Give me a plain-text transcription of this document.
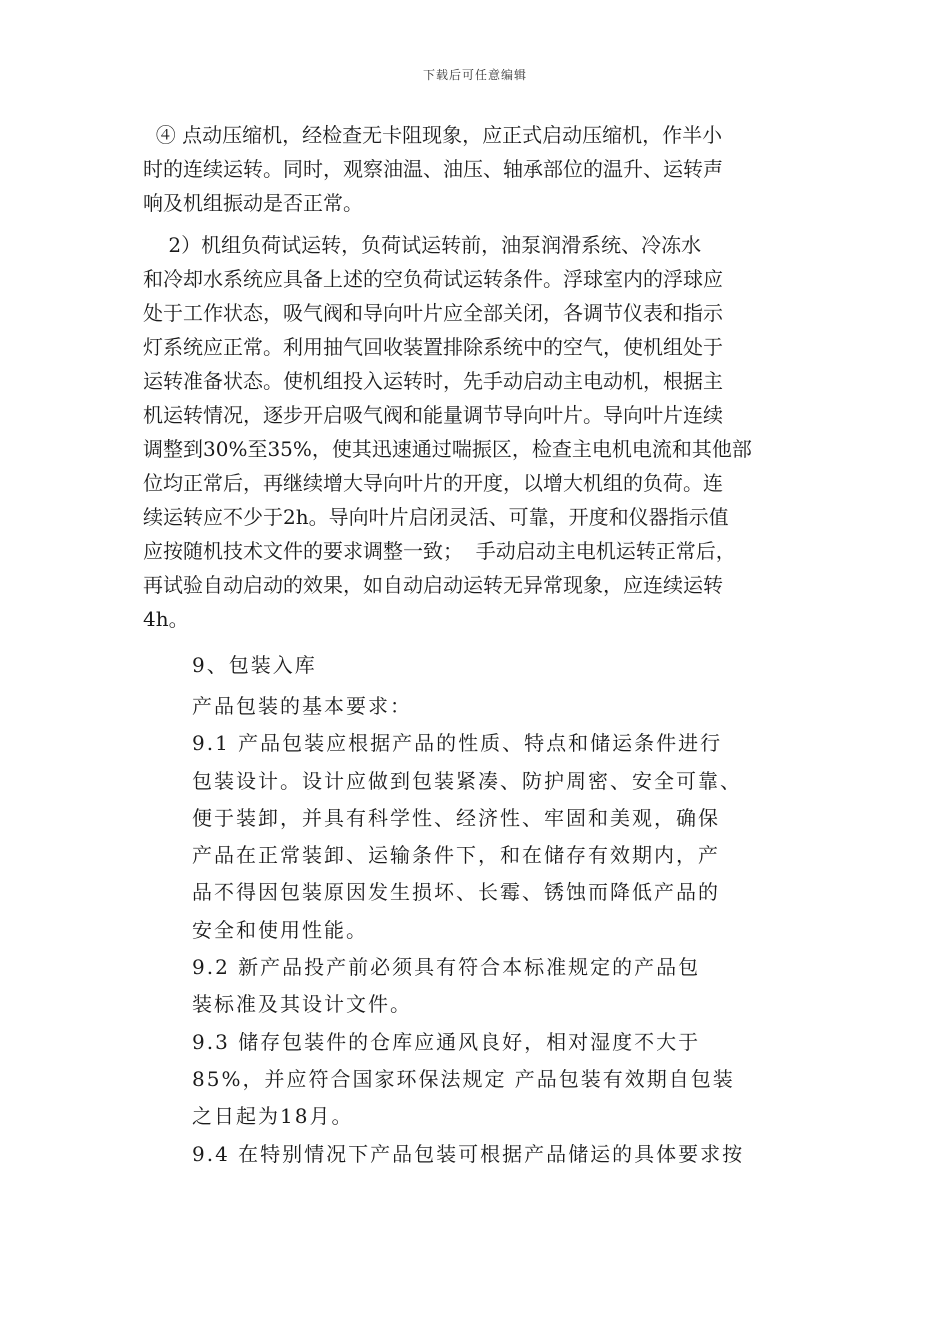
下载后可任意编辑
④ 点动压缩机，经检查无卡阻现象，应正式启动压缩机，作半小
时的连续运转。同时，观察油温、油压、轴承部位的温升、运转声
响及机组振动是否正常。
2）机组负荷试运转，负荷试运转前，油泵润滑系统、冷冻水
和冷却水系统应具备上述的空负荷试运转条件。浮球室内的浮球应
处于工作状态，吸气阀和导向叶片应全部关闭，各调节仪表和指示
灯系统应正常。利用抽气回收装置排除系统中的空气，使机组处于
运转准备状态。使机组投入运转时，先手动启动主电动机，根据主
机运转情况，逐步开启吸气阀和能量调节导向叶片。导向叶片连续
调整到30%至35%，使其迅速通过喘振区，检查主电机电流和其他部
位均正常后，再继续增大导向叶片的开度，以增大机组的负荷。连
续运转应不少于2h。导向叶片启闭灵活、可靠，开度和仪器指示值
应按随机技术文件的要求调整一致；  手动启动主电机运转正常后，
再试验自动启动的效果，如自动启动运转无异常现象，应连续运转
4h。
9、包装入库
产品包装的基本要求：
9.1 产品包装应根据产品的性质、特点和储运条件进行
包装设计。设计应做到包装紧凑、防护周密、安全可靠、
便于装卸，并具有科学性、经济性、牢固和美观，确保
产品在正常装卸、运输条件下，和在储存有效期内，产
品不得因包装原因发生损坏、长霉、锈蚀而降低产品的
安全和使用性能。
9.2 新产品投产前必须具有符合本标准规定的产品包
装标准及其设计文件。
9.3 储存包装件的仓库应通风良好，相对湿度不大于
85%，并应符合国家环保法规定 产品包装有效期自包装
之日起为18月。
9.4 在特别情况下产品包装可根据产品储运的具体要求按
